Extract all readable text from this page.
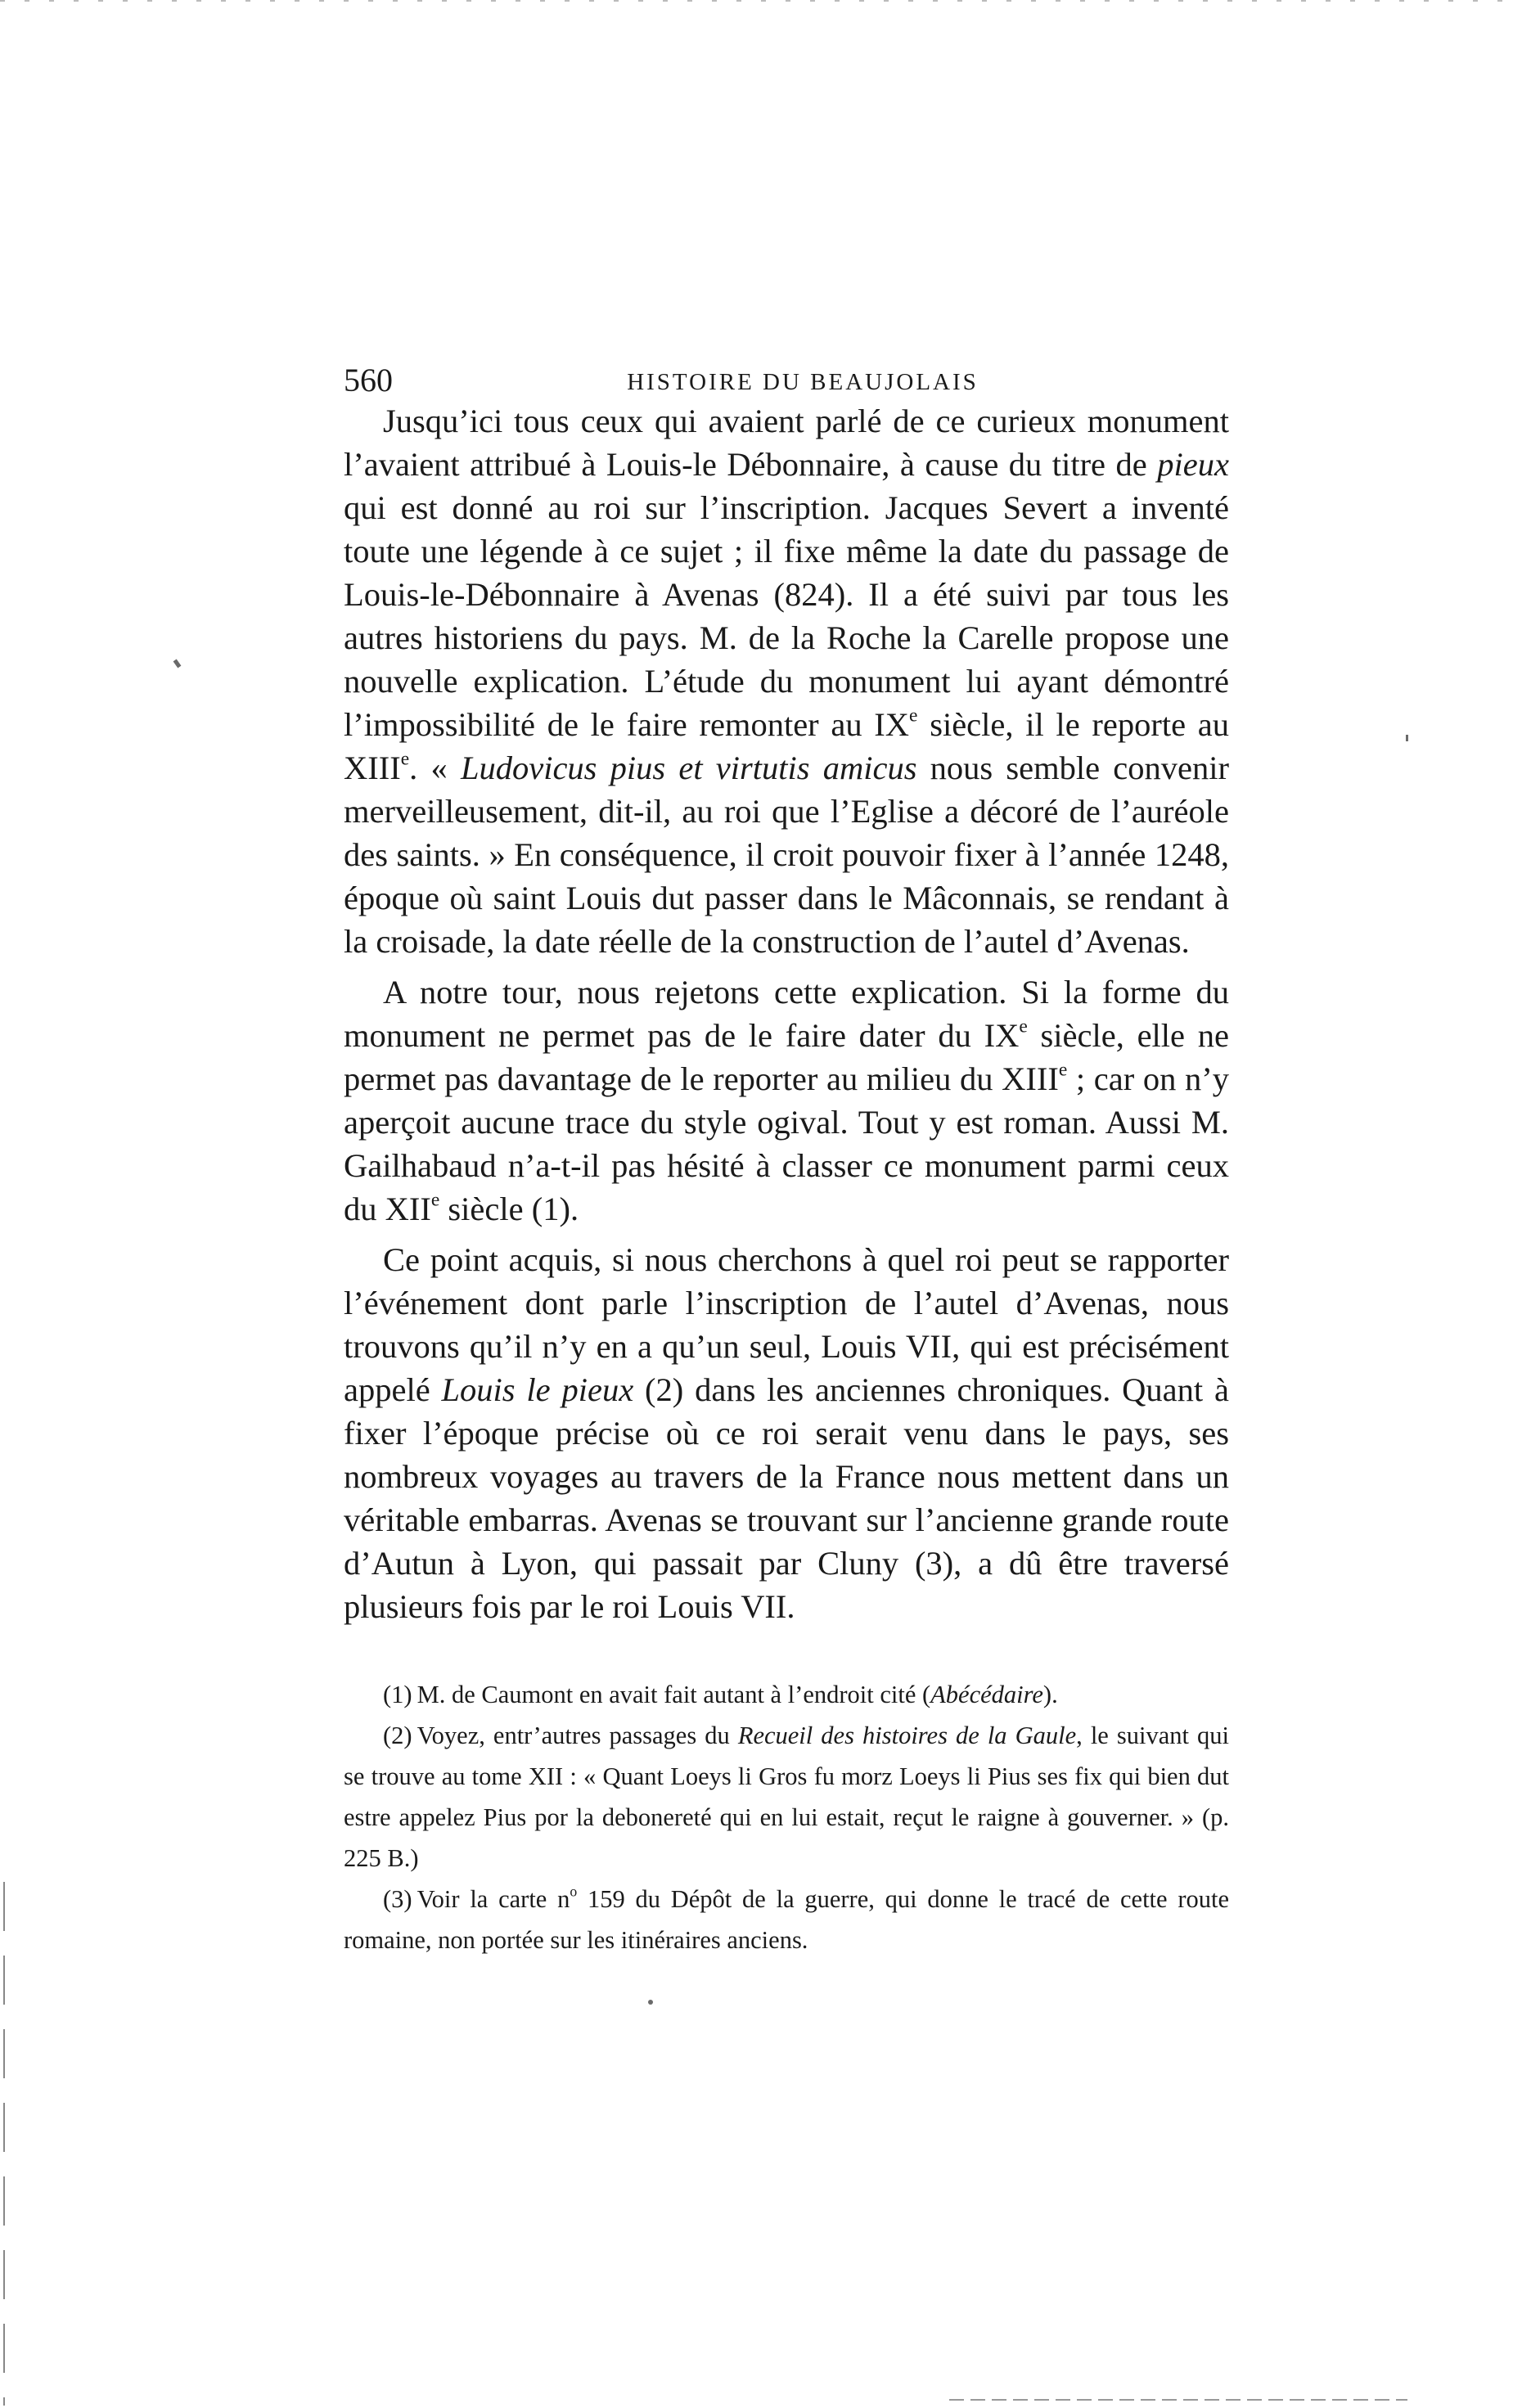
560	HISTOIRE DU BEAUJOLAIS

Jusqu’ici tous ceux qui avaient parlé de ce curieux monument l’avaient attribué à Louis-le Débonnaire, à cause du titre de pieux qui est donné au roi sur l’inscription. Jacques Severt a inventé toute une légende à ce sujet ; il fixe même la date du passage de Louis-le-Débonnaire à Avenas (824). Il a été suivi par tous les autres historiens du pays. M. de la Roche la Carelle propose une nouvelle explication. L’étude du monument lui ayant démontré l’impossibilité de le faire remonter au IXe siècle, il le reporte au XIIIe. « Ludovicus pius et virtutis amicus nous semble convenir merveilleusement, dit-il, au roi que l’Eglise a décoré de l’auréole des saints. » En conséquence, il croit pouvoir fixer à l’année 1248, époque où saint Louis dut passer dans le Mâconnais, se rendant à la croisade, la date réelle de la construction de l’autel d’Avenas.

A notre tour, nous rejetons cette explication. Si la forme du monument ne permet pas de le faire dater du IXe siècle, elle ne permet pas davantage de le reporter au milieu du XIIIe ; car on n’y aperçoit aucune trace du style ogival. Tout y est roman. Aussi M. Gailhabaud n’a-t-il pas hésité à classer ce monument parmi ceux du XIIe siècle (1).

Ce point acquis, si nous cherchons à quel roi peut se rapporter l’événement dont parle l’inscription de l’autel d’Avenas, nous trouvons qu’il n’y en a qu’un seul, Louis VII, qui est précisément appelé Louis le pieux (2) dans les anciennes chroniques. Quant à fixer l’époque précise où ce roi serait venu dans le pays, ses nombreux voyages au travers de la France nous mettent dans un véritable embarras. Avenas se trouvant sur l’ancienne grande route d’Autun à Lyon, qui passait par Cluny (3), a dû être traversé plusieurs fois par le roi Louis VII.

(1) M. de Caumont en avait fait autant à l’endroit cité (Abécédaire).

(2) Voyez, entr’autres passages du Recueil des histoires de la Gaule, le suivant qui se trouve au tome XII : « Quant Loeys li Gros fu morz Loeys li Pius ses fix qui bien dut estre appelez Pius por la debonereté qui en lui estait, reçut le raigne à gouverner. » (p. 225 B.)

(3) Voir la carte $n^o$ 159 du Dépôt de la guerre, qui donne le tracé de cette route romaine, non portée sur les itinéraires anciens.
